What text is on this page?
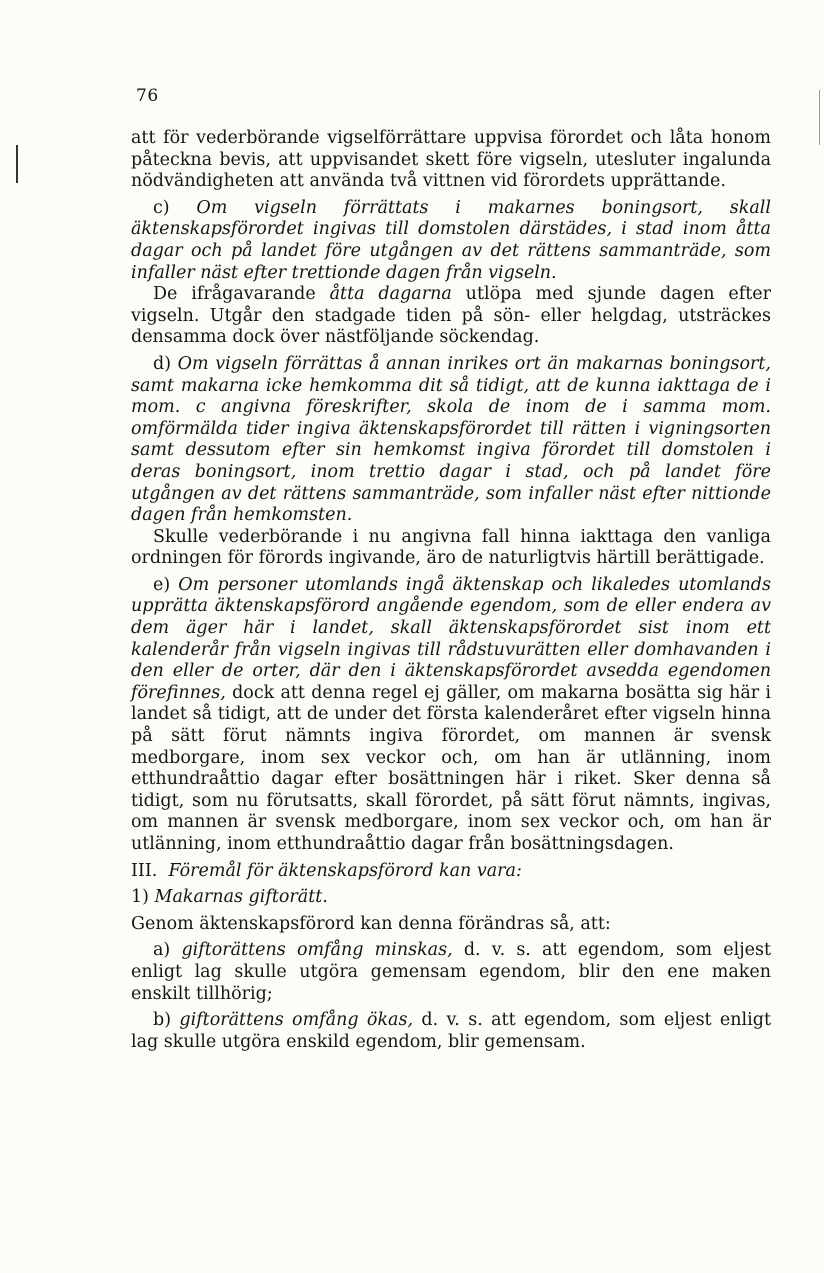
76

att för vederbörande vigselförrättare uppvisa förordet och låta honom påteckna bevis, att uppvisandet skett före vigseln, utesluter ingalunda nödvändigheten att använda två vittnen vid förordets upprättande.

c) Om vigseln förrättats i makarnes boningsort, skall äktenskapsförordet ingivas till domstolen därstädes, i stad inom åtta dagar och på landet före utgången av det rättens sammanträde, som infaller näst efter trettionde dagen från vigseln.

De ifrågavarande åtta dagarna utlöpa med sjunde dagen efter vigseln. Utgår den stadgade tiden på sön- eller helgdag, utsträckes densamma dock över nästföljande söckendag.

d) Om vigseln förrättas å annan inrikes ort än makarnas boningsort, samt makarna icke hemkomma dit så tidigt, att de kunna iakttaga de i mom. c angivna föreskrifter, skola de inom de i samma mom. omförmälda tider ingiva äktenskapsförordet till rätten i vigningsorten samt dessutom efter sin hemkomst ingiva förordet till domstolen i deras boningsort, inom trettio dagar i stad, och på landet före utgången av det rättens sammanträde, som infaller näst efter nittionde dagen från hemkomsten.

Skulle vederbörande i nu angivna fall hinna iakttaga den vanliga ordningen för förords ingivande, äro de naturligtvis härtill berättigade.

e) Om personer utomlands ingå äktenskap och likaledes utomlands upprätta äktenskapsförord angående egendom, som de eller endera av dem äger här i landet, skall äktenskapsförordet sist inom ett kalenderår från vigseln ingivas till rådstuvurätten eller domhavanden i den eller de orter, där den i äktenskapsförordet avsedda egendomen förefinnes, dock att denna regel ej gäller, om makarna bosätta sig här i landet så tidigt, att de under det första kalenderåret efter vigseln hinna på sätt förut nämnts ingiva förordet, om mannen är svensk medborgare, inom sex veckor och, om han är utlänning, inom etthundraåttio dagar efter bosättningen här i riket. Sker denna så tidigt, som nu förutsatts, skall förordet, på sätt förut nämnts, ingivas, om mannen är svensk medborgare, inom sex veckor och, om han är utlänning, inom etthundraåttio dagar från bosättningsdagen.

III. Föremål för äktenskapsförord kan vara:

1) Makarnas giftorätt.

Genom äktenskapsförord kan denna förändras så, att:

a) giftorättens omfång minskas, d. v. s. att egendom, som eljest enligt lag skulle utgöra gemensam egendom, blir den ene maken enskilt tillhörig;

b) giftorättens omfång ökas, d. v. s. att egendom, som eljest enligt lag skulle utgöra enskild egendom, blir gemensam.
